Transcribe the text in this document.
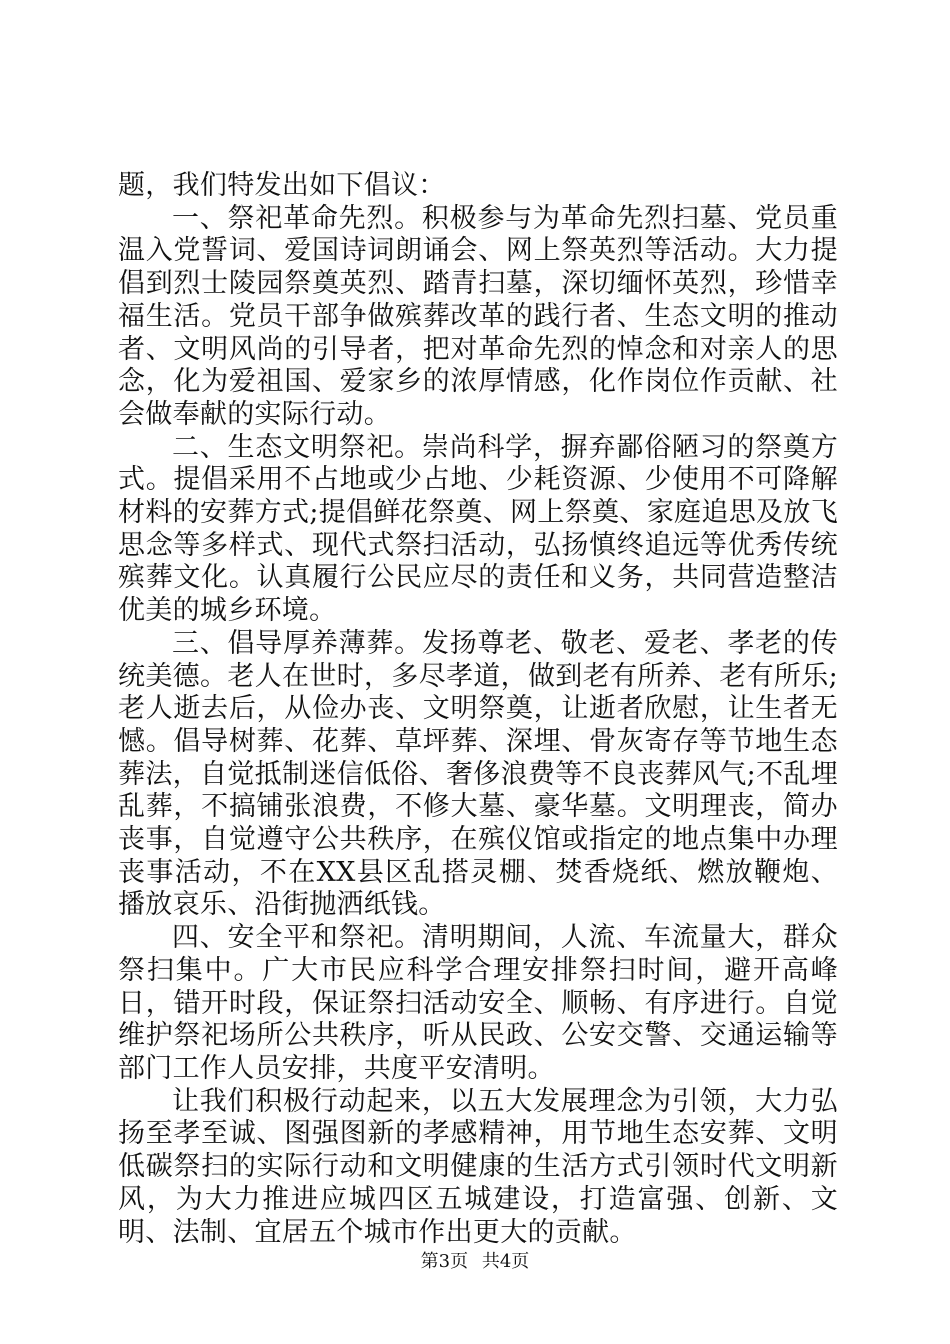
题，我们特发出如下倡议：

一、祭祀革命先烈。积极参与为革命先烈扫墓、党员重温入党誓词、爱国诗词朗诵会、网上祭英烈等活动。大力提倡到烈士陵园祭奠英烈、踏青扫墓，深切缅怀英烈，珍惜幸福生活。党员干部争做殡葬改革的践行者、生态文明的推动者、文明风尚的引导者，把对革命先烈的悼念和对亲人的思念，化为爱祖国、爱家乡的浓厚情感，化作岗位作贡献、社会做奉献的实际行动。

二、生态文明祭祀。崇尚科学，摒弃鄙俗陋习的祭奠方式。提倡采用不占地或少占地、少耗资源、少使用不可降解材料的安葬方式;提倡鲜花祭奠、网上祭奠、家庭追思及放飞思念等多样式、现代式祭扫活动，弘扬慎终追远等优秀传统殡葬文化。认真履行公民应尽的责任和义务，共同营造整洁优美的城乡环境。

三、倡导厚养薄葬。发扬尊老、敬老、爱老、孝老的传统美德。老人在世时，多尽孝道，做到老有所养、老有所乐;老人逝去后，从俭办丧、文明祭奠，让逝者欣慰，让生者无憾。倡导树葬、花葬、草坪葬、深埋、骨灰寄存等节地生态葬法，自觉抵制迷信低俗、奢侈浪费等不良丧葬风气;不乱埋乱葬，不搞铺张浪费，不修大墓、豪华墓。文明理丧，简办丧事，自觉遵守公共秩序，在殡仪馆或指定的地点集中办理丧事活动，不在XX县区乱搭灵棚、焚香烧纸、燃放鞭炮、播放哀乐、沿街抛洒纸钱。

四、安全平和祭祀。清明期间，人流、车流量大，群众祭扫集中。广大市民应科学合理安排祭扫时间，避开高峰日，错开时段，保证祭扫活动安全、顺畅、有序进行。自觉维护祭祀场所公共秩序，听从民政、公安交警、交通运输等部门工作人员安排，共度平安清明。

让我们积极行动起来，以五大发展理念为引领，大力弘扬至孝至诚、图强图新的孝感精神，用节地生态安葬、文明低碳祭扫的实际行动和文明健康的生活方式引领时代文明新风，为大力推进应城四区五城建设，打造富强、创新、文明、法制、宜居五个城市作出更大的贡献。

第3页 共4页
